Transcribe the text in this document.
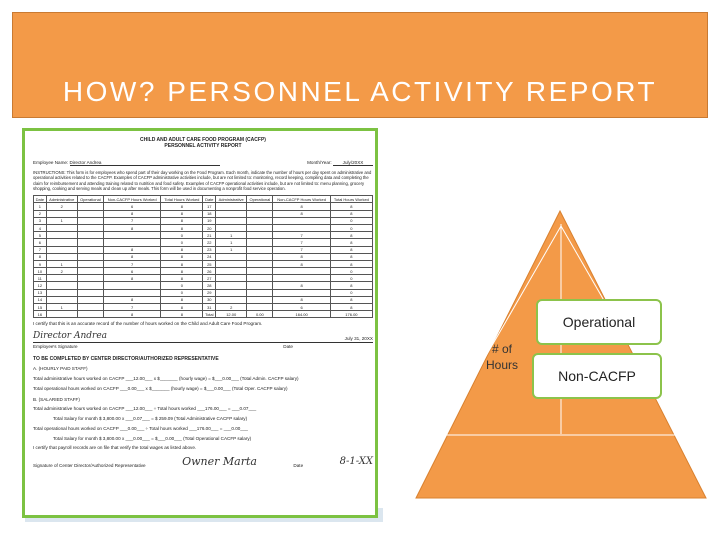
HOW? PERSONNEL ACTIVITY REPORT
CHILD AND ADULT CARE FOOD PROGRAM (CACFP)
PERSONNEL ACTIVITY REPORT
Employee Name: Director Andrea	Month/Year: July/20XX
INSTRUCTIONS: This form is for employees who spend part of their day working on the Food Program. Each month, indicate the number of hours per day spent on administrative and operational activities related to the CACFP. Examples of CACFP administrative activities include, but are not limited to: monitoring, record keeping, compiling data and completing the claim for reimbursement and attending training related to nutrition and food safety. Examples of CACFP operational activities include, but are not limited to: menu planning, grocery shopping, cooking and serving meals and clean up after meals. This form will be used in documenting a nonprofit food service operation.
Date	Administrative	Operational	Non-CACFP Hours Worked	Total Hours Worked	Date	Administrative	Operational	Non-CACFP Hours Worked	Total Hours Worked
1	2		6	8	17			8	8
2			8	8	18			8	8
3	1		7	8	19				0
4			8	8	20				0
5				0	21	1		7	8
6				0	22	1		7	8
7			8	8	23	1		7	8
8			8	8	24			8	8
9	1		7	8	25			8	8
10	2		6	8	26				0
11			8	8	27				0
12				0	28			8	8
13				0	29				0
14			8	8	30			8	8
15	1		7	8	31	2		6	8
16			8	8	Total	12.00	0.00	164.00	176.00
I certify that this is an accurate record of the number of hours worked on the Child and Adult Care Food Program.
Director Andrea	July 31, 20XX
Employee's Signature	Date
TO BE COMPLETED BY CENTER DIRECTOR/AUTHORIZED REPRESENTATIVE
A. (HOURLY PAID STAFF)
Total administrative hours worked on CACFP ___12.00___ x $_______ (hourly wage) = $___0.00___ (Total Admin. CACFP salary)
Total operational hours worked on CACFP ___0.00___ x $_______ (hourly wage) = $___0.00___ (Total Oper. CACFP salary)
B. (SALARIED STAFF)
Total administrative hours worked on CACFP ___12.00___ ÷ Total hours worked ___176.00___ = ___0.07___
Total Salary for month $ 3,800.00 x ___0.07___ = $ 259.09 (Total Administrative CACFP salary)
Total operational hours worked on CACFP ___0.00___ ÷ Total hours worked ___176.00___ = ___0.00___
Total Salary for month $ 3,800.00 x ___0.00___ = $___0.00___ (Total Operational CACFP salary)
I certify that payroll records are on file that verify the total wages as listed above.
Signature of Center Director/Authorized Representative	Owner Marta	Date	8-1-XX
# of
Hours
Operational
Non-CACFP
